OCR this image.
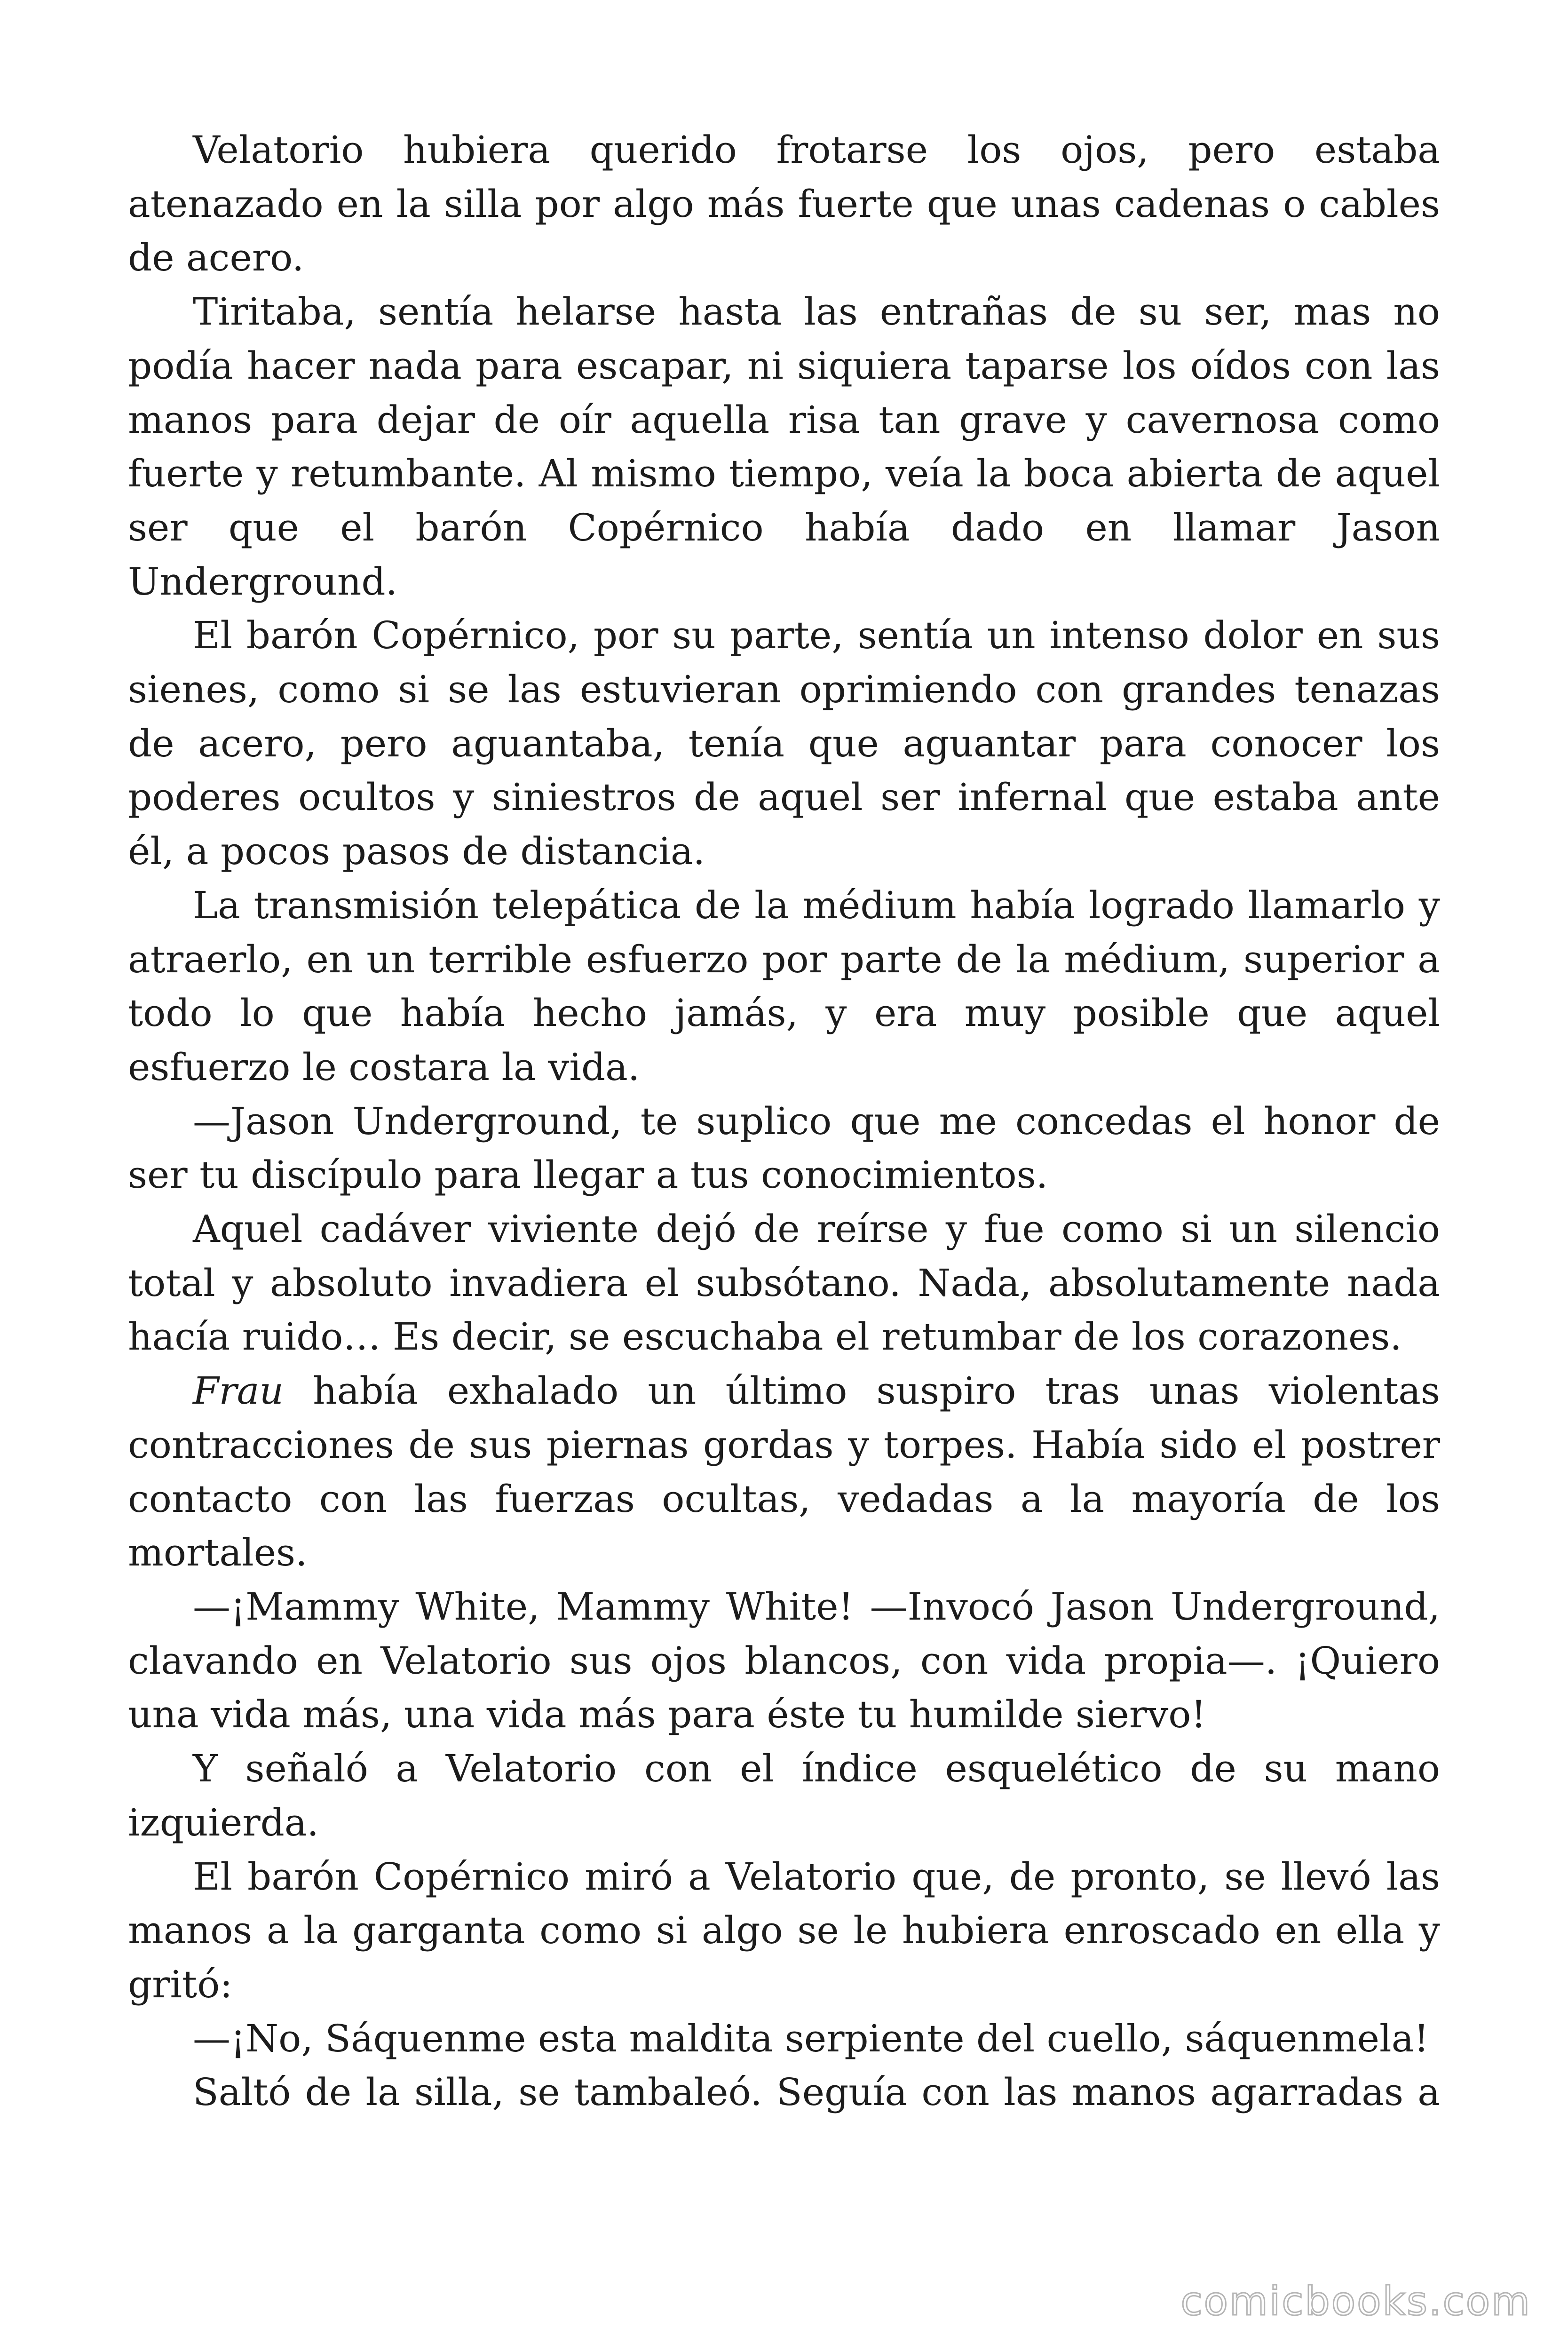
Velatorio hubiera querido frotarse los ojos, pero estaba atenazado en la silla por algo más fuerte que unas cadenas o cables de acero.

Tiritaba, sentía helarse hasta las entrañas de su ser, mas no podía hacer nada para escapar, ni siquiera taparse los oídos con las manos para dejar de oír aquella risa tan grave y cavernosa como fuerte y retumbante. Al mismo tiempo, veía la boca abierta de aquel ser que el barón Copérnico había dado en llamar Jason Underground.

El barón Copérnico, por su parte, sentía un intenso dolor en sus sienes, como si se las estuvieran oprimiendo con grandes tenazas de acero, pero aguantaba, tenía que aguantar para conocer los poderes ocultos y siniestros de aquel ser infernal que estaba ante él, a pocos pasos de distancia.

La transmisión telepática de la médium había logrado llamarlo y atraerlo, en un terrible esfuerzo por parte de la médium, superior a todo lo que había hecho jamás, y era muy posible que aquel esfuerzo le costara la vida.

—Jason Underground, te suplico que me concedas el honor de ser tu discípulo para llegar a tus conocimientos.

Aquel cadáver viviente dejó de reírse y fue como si un silencio total y absoluto invadiera el subsótano. Nada, absolutamente nada hacía ruido… Es decir, se escuchaba el retumbar de los corazones.

Frau había exhalado un último suspiro tras unas violentas contracciones de sus piernas gordas y torpes. Había sido el postrer contacto con las fuerzas ocultas, vedadas a la mayoría de los mortales.

—¡Mammy White, Mammy White! —Invocó Jason Underground, clavando en Velatorio sus ojos blancos, con vida propia—. ¡Quiero una vida más, una vida más para éste tu humilde siervo!

Y señaló a Velatorio con el índice esquelético de su mano izquierda.

El barón Copérnico miró a Velatorio que, de pronto, se llevó las manos a la garganta como si algo se le hubiera enroscado en ella y gritó:

—¡No, Sáquenme esta maldita serpiente del cuello, sáquenmela!

Saltó de la silla, se tambaleó. Seguía con las manos agarradas a

comicbooks.com
